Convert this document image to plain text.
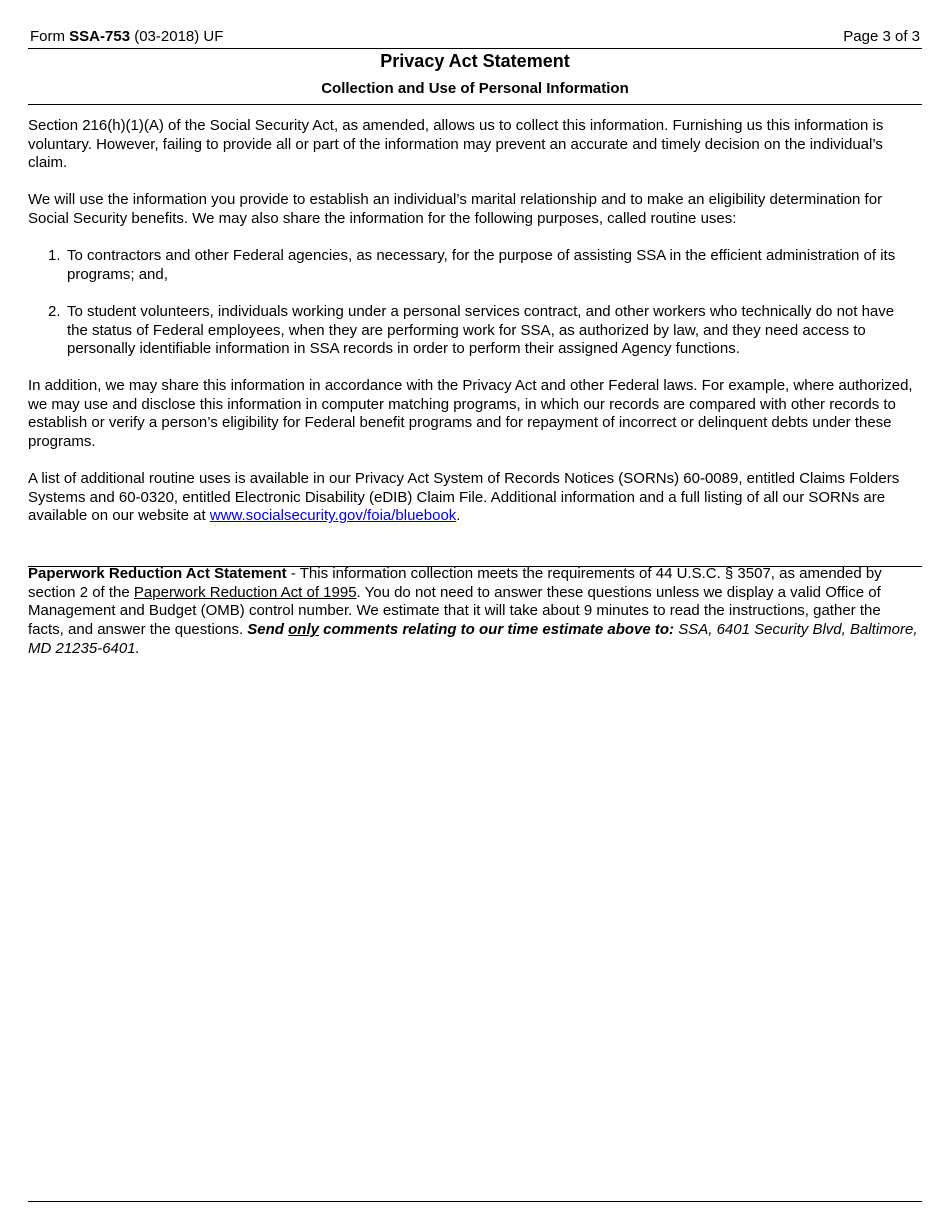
Form SSA-753 (03-2018) UF	Page 3 of 3
Privacy Act Statement
Collection and Use of Personal Information

Section 216(h)(1)(A) of the Social Security Act, as amended, allows us to collect this information. Furnishing us this information is voluntary. However, failing to provide all or part of the information may prevent an accurate and timely decision on the individual’s claim.

We will use the information you provide to establish an individual’s marital relationship and to make an eligibility determination for Social Security benefits. We may also share the information for the following purposes, called routine uses:

1. To contractors and other Federal agencies, as necessary, for the purpose of assisting SSA in the efficient administration of its programs; and,
2. To student volunteers, individuals working under a personal services contract, and other workers who technically do not have the status of Federal employees, when they are performing work for SSA, as authorized by law, and they need access to personally identifiable information in SSA records in order to perform their assigned Agency functions.

In addition, we may share this information in accordance with the Privacy Act and other Federal laws. For example, where authorized, we may use and disclose this information in computer matching programs, in which our records are compared with other records to establish or verify a person’s eligibility for Federal benefit programs and for repayment of incorrect or delinquent debts under these programs.

A list of additional routine uses is available in our Privacy Act System of Records Notices (SORNs) 60-0089, entitled Claims Folders Systems and 60-0320, entitled Electronic Disability (eDIB) Claim File. Additional information and a full listing of all our SORNs are available on our website at www.socialsecurity.gov/foia/bluebook.

Paperwork Reduction Act Statement - This information collection meets the requirements of 44 U.S.C. § 3507, as amended by section 2 of the Paperwork Reduction Act of 1995. You do not need to answer these questions unless we display a valid Office of Management and Budget (OMB) control number. We estimate that it will take about 9 minutes to read the instructions, gather the facts, and answer the questions. Send only comments relating to our time estimate above to: SSA, 6401 Security Blvd, Baltimore, MD 21235-6401.
